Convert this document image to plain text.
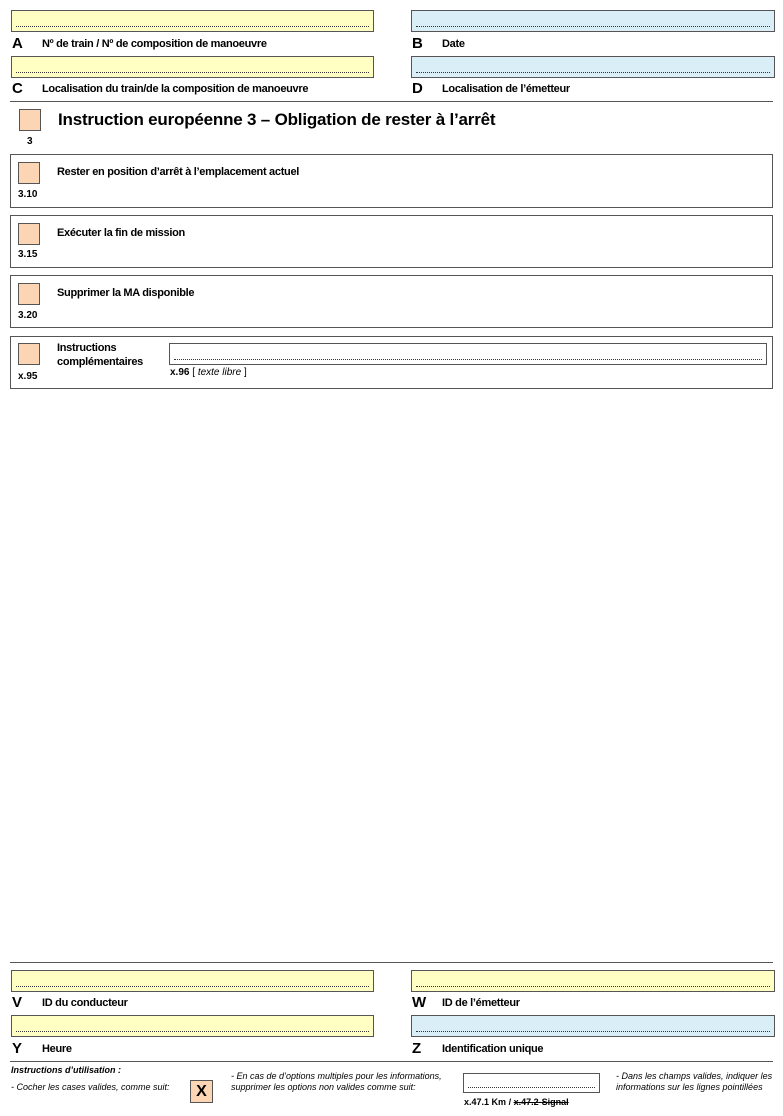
A Nº de train / Nº de composition de manoeuvre	B Date
C Localisation du train/de la composition de manoeuvre	D Localisation de l’émetteur
3
Instruction européenne 3 – Obligation de rester à l’arrêt
3.10
Rester en position d’arrêt à l’emplacement actuel
3.15
Exécuter la fin de mission
3.20
Supprimer la MA disponible
x.95
Instructions
complémentaires
x.96 [ texte libre ]
V ID du conducteur	W ID de l’émetteur
Y Heure	Z Identification unique
Instructions d’utilisation :
- Cocher les cases valides, comme suit:	X
- En cas de d’options multiples pour les informations, supprimer les options non valides comme suit:
x.47.1 Km / x.47.2-Signal
- Dans les champs valides, indiquer les informations sur les lignes pointillées
